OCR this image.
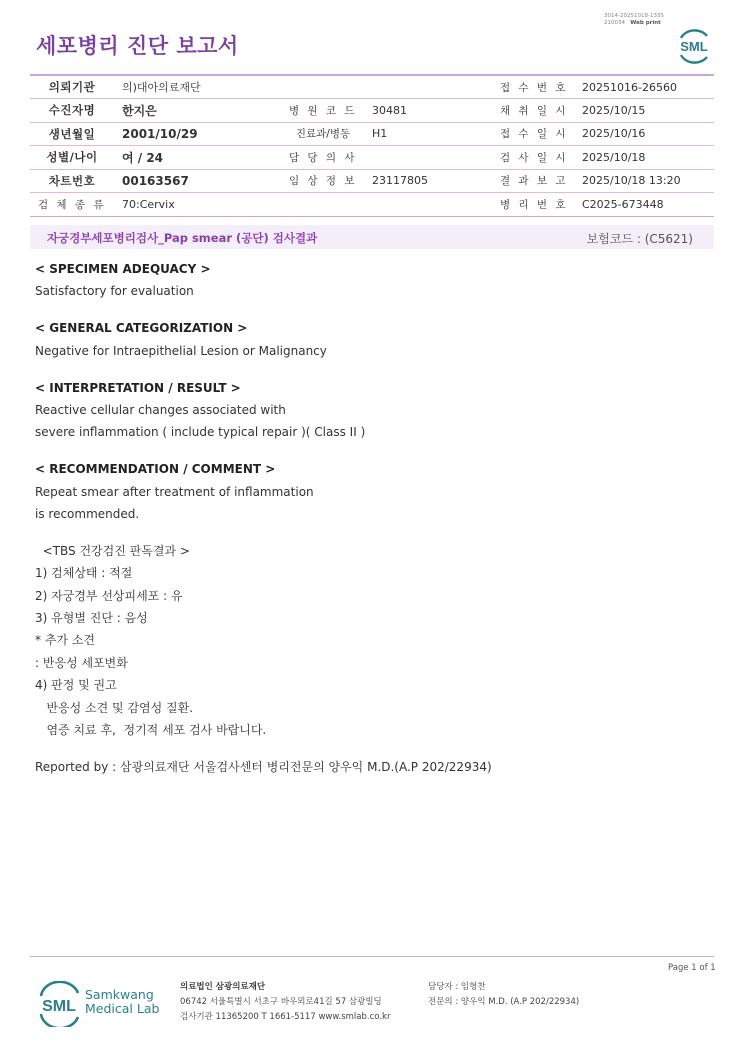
3014-20251018-1335
210034 Web print
세포병리 진단 보고서	SML
의뢰기관	의)대아의료재단			접 수 번 호	20251016-26560
수진자명	한지은	병 원 코 드	30481	채 취 일 시	2025/10/15
생년월일	2001/10/29	진료과/병동	H1	접 수 일 시	2025/10/16
성별/나이	여 / 24	담 당 의 사		검 사 일 시	2025/10/18
차트번호	00163567	임 상 정 보	23117805	결 과 보 고	2025/10/18 13:20
검 체 종 류	70:Cervix			병 리 번 호	C2025-673448
자궁경부세포병리검사_Pap smear (공단) 검사결과	보험코드 : (C5621)
< SPECIMEN ADEQUACY >
Satisfactory for evaluation
< GENERAL CATEGORIZATION >
Negative for Intraepithelial Lesion or Malignancy
< INTERPRETATION / RESULT >
Reactive cellular changes associated with
severe inflammation ( include typical repair )( Class II )
< RECOMMENDATION / COMMENT >
Repeat smear after treatment of inflammation
is recommended.
<TBS 건강검진 판독결과 >
1) 검체상태 : 적절
2) 자궁경부 선상피세포 : 유
3) 유형별 진단 : 음성
* 추가 소견
: 반응성 세포변화
4) 판정 및 권고
반응성 소견 및 감염성 질환.
염증 치료 후,  정기적 세포 검사 바랍니다.
Reported by : 삼광의료재단 서울검사센터 병리전문의 양우익 M.D.(A.P 202/22934)
Page 1 of 1
SML
Samkwang
Medical Lab
의료법인 삼광의료재단
06742 서울특별시 서초구 바우뫼로41길 57 삼광빌딩
검사기관 11365200 T 1661-5117 www.smlab.co.kr
담당자 : 임형찬
전문의 : 양우익 M.D. (A.P 202/22934)
